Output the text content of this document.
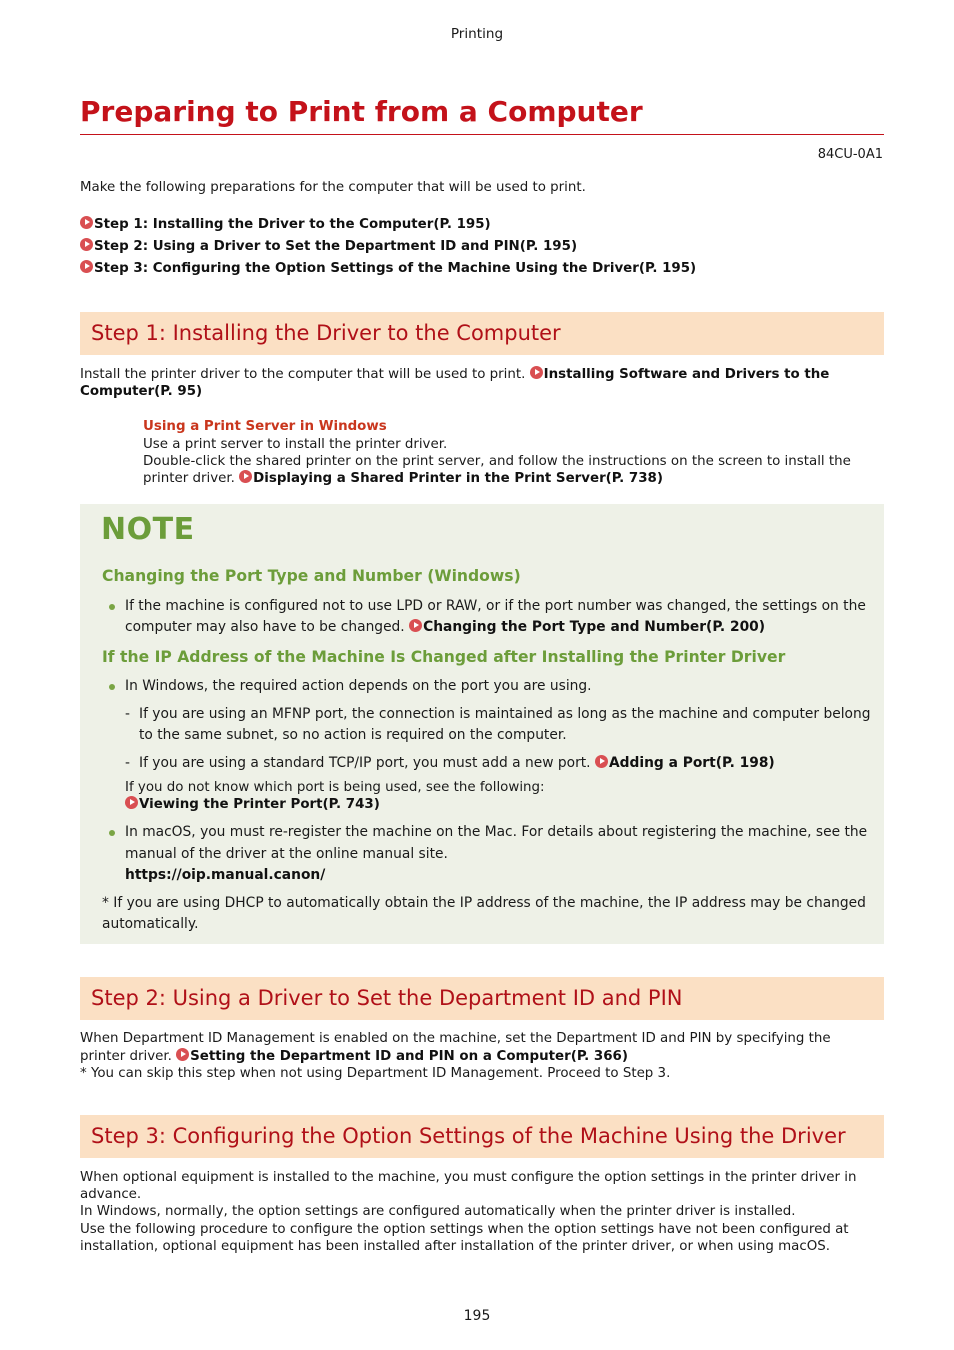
Printing
Preparing to Print from a Computer
84CU-0A1
Make the following preparations for the computer that will be used to print.
Step 1: Installing the Driver to the Computer(P. 195)
Step 2: Using a Driver to Set the Department ID and PIN(P. 195)
Step 3: Configuring the Option Settings of the Machine Using the Driver(P. 195)
Step 1: Installing the Driver to the Computer
Install the printer driver to the computer that will be used to print. Installing Software and Drivers to the
Computer(P. 95)
Using a Print Server in Windows
Use a print server to install the printer driver.
Double-click the shared printer on the print server, and follow the instructions on the screen to install the
printer driver. Displaying a Shared Printer in the Print Server(P. 738)
NOTE
Changing the Port Type and Number (Windows)
If the machine is configured not to use LPD or RAW, or if the port number was changed, the settings on the
computer may also have to be changed. Changing the Port Type and Number(P. 200)
If the IP Address of the Machine Is Changed after Installing the Printer Driver
In Windows, the required action depends on the port you are using.
- If you are using an MFNP port, the connection is maintained as long as the machine and computer belong
to the same subnet, so no action is required on the computer.
- If you are using a standard TCP/IP port, you must add a new port. Adding a Port(P. 198)
If you do not know which port is being used, see the following:
Viewing the Printer Port(P. 743)
In macOS, you must re-register the machine on the Mac. For details about registering the machine, see the
manual of the driver at the online manual site.
https://oip.manual.canon/
* If you are using DHCP to automatically obtain the IP address of the machine, the IP address may be changed
automatically.
Step 2: Using a Driver to Set the Department ID and PIN
When Department ID Management is enabled on the machine, set the Department ID and PIN by specifying the
printer driver. Setting the Department ID and PIN on a Computer(P. 366)
* You can skip this step when not using Department ID Management. Proceed to Step 3.
Step 3: Configuring the Option Settings of the Machine Using the Driver
When optional equipment is installed to the machine, you must configure the option settings in the printer driver in
advance.
In Windows, normally, the option settings are configured automatically when the printer driver is installed.
Use the following procedure to configure the option settings when the option settings have not been configured at
installation, optional equipment has been installed after installation of the printer driver, or when using macOS.
195
